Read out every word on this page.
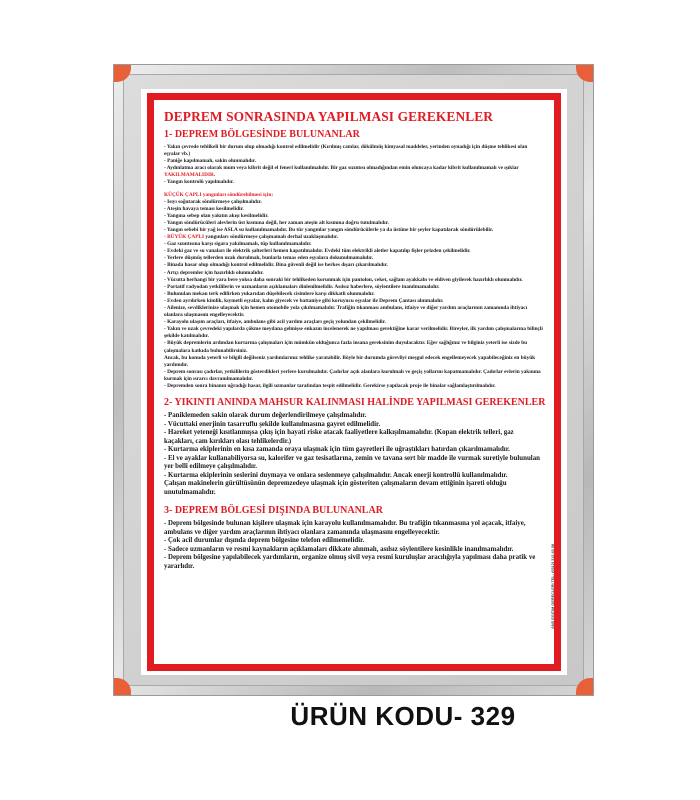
DEPREM SONRASINDA YAPILMASI GEREKENLER
1- DEPREM BÖLGESİNDE BULUNANLAR
- Yakın çevrede tehlikeli bir durum olup olmadığı kontrol edilmelidir (Kırılmış camlar, dökülmüş kimyasal maddeler, yerinden oynadığı için düşme tehlikesi olan eşyalar vb.)
- Paniğe kapılmamalı, sakin olunmalıdır.
- Aydınlatma aracı olarak mum veya kibrit değil el feneri kullanılmalıdır. Bir gaz sızıntısı olmadığından emin oluncaya kadar kibrit kullanılmamalı ve ışıklar YAKILMAMALIDIR.
- Yangın kontrolü yapılmalıdır.
KÜÇÜK ÇAPLI yangınları söndürebilmesi için:
- Isıyı soğutarak söndürmeye çalışılmalıdır.
- Ateşin havaya teması kesilmelidir.
- Yangına sebep olan yakıtın akışı kesilmelidir.
- Yangın söndürücüleri alevlerin üst kısmına değil, her zaman ateşin alt kısmına doğru tutulmalıdır.
- Yangın sebebi bir yağ ise ASLA su kullanılmamalıdır. Bu tür yangınlar yangın söndürücülerle ya da üstüne bir şeyler kapatılarak söndürülebilir.
- BÜYÜK ÇAPLI yangınları söndürmeye çalışmamalı derhal uzaklaşmalıdır.
- Gaz sızıntısına karşı sigara yakılmamalı, tüp kullanılmamalıdır.
- Evdeki gaz ve su vanaları ile elektrik şalterleri hemen kapatılmalıdır. Evdeki tüm elektrikli aletler kapatılıp fişler prizden çekilmelidir.
- Yerlere düşmüş tellerden uzak durulmalı, bunlarla temas eden eşyalara dokunulmamalıdır.
- Binada hasar olup olmadığı kontrol edilmelidir. Bina güvenli değil ise herkes dışarı çıkarılmalıdır.
- Artçı depremler için hazırlıklı olunmalıdır.
- Vücutta herhangi bir yara bere yoksa daha sonraki bir tehlikeden korunmak için pantolon, ceket, sağlam ayakkabı ve eldiven giyilerek hazırlıklı olunmalıdır.
- Portatif radyodan yetkililerin ve uzmanların açıklamaları dinlenilmelidir. Asılsız haberlere, söylentilere inanılmamalıdır.
- Bulunulan mekan terk edilirken yukarıdan düşebilecek cisimlere karşı dikkatli olunmalıdır.
- Evden ayrılırken kimlik, kıymetli eşyalar, kalın giyecek ve battaniye gibi koruyucu eşyalar ile Deprem Çantası alınmalıdır.
- Ailenize, sevdiklerinize ulaşmak için hemen otomobile yola çıkılmamalıdır. Trafiğin tıkanması ambulans, itfaiye ve diğer yardım araçlarının zamanında ihtiyacı olanlara ulaşmasını engelleyecektir.
- Karayolu ulaşım araçları, itfaiye, ambulans gibi acil yardım araçları geçiş yolundan çekilmelidir.
- Yakın ve uzak çevredeki yapılarda çökme meydana gelmişse enkazın incelenerek ne yapılması gerektiğine karar verilmelidir. Bireyler, ilk yardım çalışmalarına bilinçli şekilde katılmalıdır.
- Büyük depremlerin ardından kurtarma çalışmaları için mümkün olduğunca fazla insana gereksinim duyulacaktır. Eğer sağlığınız ve bilginiz yeterli ise sizde bu çalışmalara katkıda bulunabilirsiniz.
Ancak, bu konuda yeterli ve bilgili değilseniz yardımlarınız tehlike yaratabilir. Böyle bir durumda görevliyi meşgul edecek engellemeyecek yapabileceğiniz en büyük yardımdır.
- Deprem sonrası çadırlar, yetkililerin gösterdikleri yerlere kurulmalıdır. Çadırlar açık alanlara kurulmalı ve geçiş yollarını kapatmamalıdır. Çadırlar evlerin yakınına kurmak için ısrarcı davranılmamalıdır.
- Depremden sonra binanın uğradığı hasar, ilgili uzmanlar tarafından tespit edilmelidir. Gerekirse yapılacak proje ile binalar sağlamlaştırılmalıdır.
2- YIKINTI ANINDA MAHSUR KALINMASI HALİNDE YAPILMASI GEREKENLER
- Paniklemeden sakin olarak durum değerlendirilmeye çalışılmalıdır.
- Vücuttaki enerjinin tasarruflu şekilde kullanılmasına gayret edilmelidir.
- Hareket yeteneği kısıtlanmışsa çıkış için hayati riske atacak faaliyetlere kalkışılmamalıdır. (Kopan elektrik telleri, gaz kaçakları, cam kırıkları olası tehlikelerdir.)
- Kurtarma ekiplerinin en kısa zamanda oraya ulaşmak için tüm gayretleri ile uğraştıkları hatırdan çıkarılmamalıdır.
- El ve ayaklar kullanabiliyorsa su, kalorifer ve gaz tesisatlarına, zemin ve tavana sert bir madde ile vurmak suretiyle bulunulan yer belli edilmeye çalışılmalıdır.
- Kurtarma ekiplerinin seslerini duymaya ve onlara seslenmeye çalışılmalıdır. Ancak enerji kontrollü kullanılmalıdır.
Çalışan makinelerin gürültüsünün depremzedeye ulaşmak için gösteriten çalışmaların devam ettiğinin işareti olduğu unutulmamalıdır.
3- DEPREM BÖLGESİ DIŞINDA BULUNANLAR
- Deprem bölgesinde bulunan kişilere ulaşmak için karayolu kullanılmamalıdır. Bu trafiğin tıkanmasına yol açacak, itfaiye, ambulans ve diğer yardım araçlarının ihtiyacı olanlara zamanında ulaşmasını engelleyecektir.
- Çok acil durumlar dışında deprem bölgesine telefon edilmemelidir.
- Sadece uzmanların ve resmi kaynakların açıklamaları dikkate alınmalı, asılsız söylentilere kesinlikle inanılmamalıdır.
- Deprem bölgesine yapılabilecek yardımların, organize olmuş sivil veya resmi kuruluşlar aracılığıyla yapılması daha pratik ve yararlıdır.	ANS EGITIM GERECLERI TEL: (0312) 312 43 08
ÜRÜN KODU- 329
